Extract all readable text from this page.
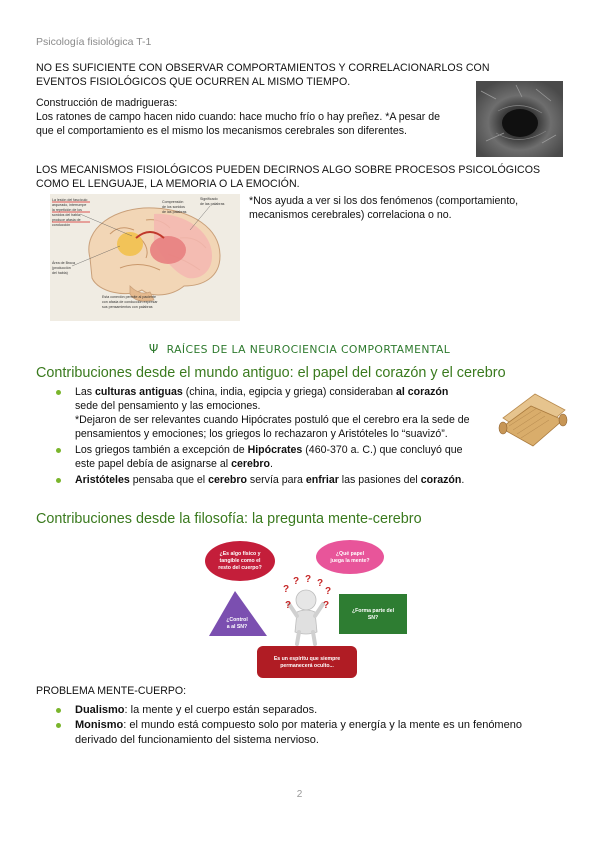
Psicología fisiológica T-1
NO ES SUFICIENTE CON OBSERVAR COMPORTAMIENTOS Y CORRELACIONARLOS CON
EVENTOS FISIOLÓGICOS QUE OCURREN AL MISMO TIEMPO.
Construcción de madrigueras:
Los ratones de campo hacen nido cuando: hace mucho frío o hay preñez. *A pesar de
que el comportamiento es el mismo los mecanismos cerebrales son diferentes.
LOS MECANISMOS FISIOLÓGICOS PUEDEN DECIRNOS ALGO SOBRE PROCESOS PSICOLÓGICOS
COMO EL LENGUAJE, LA MEMORIA O LA EMOCIÓN.
La lesión del fascículo
arqueado, interrumpe
la repetición de los
sonidos del habla;
produce afasia de
conducción
Significado
de las palabras
Comprensión
de los sonidos
de las palabras
Área de Broca
(producción
del habla)
Esta conexión permite al paciente
con afasia de conducción expresar
sus pensamientos con palabras
*Nos ayuda a ver si los dos fenómenos (comportamiento,
mecanismos cerebrales) correlaciona o no.
Ψ RAÍCES DE LA NEUROCIENCIA COMPORTAMENTAL
Contribuciones desde el mundo antiguo: el papel del corazón y el cerebro
Las culturas antiguas (china, india, egipcia y griega) consideraban al corazón
sede del pensamiento y las emociones.
*Dejaron de ser relevantes cuando Hipócrates postuló que el cerebro era la sede de
pensamientos y emociones; los griegos lo rechazaron y Aristóteles lo “suavizó”.
Los griegos también a excepción de Hipócrates (460-370 a. C.) que concluyó que
este papel debía de asignarse al cerebro.
Aristóteles pensaba que el cerebro servía para enfriar las pasiones del corazón.
Contribuciones desde la filosofía: la pregunta mente-cerebro
¿Es algo físico y
tangible como el
resto del cuerpo?
¿Qué papel
juega la mente?
¿Control
a al SN?
¿Forma parte del
SN?
Es un espíritu que siempre
permanecerá oculto...
?
? ? ?
?
?	?
PROBLEMA MENTE-CUERPO:
Dualismo: la mente y el cuerpo están separados.
Monismo: el mundo está compuesto solo por materia y energía y la mente es un fenómeno
derivado del funcionamiento del sistema nervioso.
2
